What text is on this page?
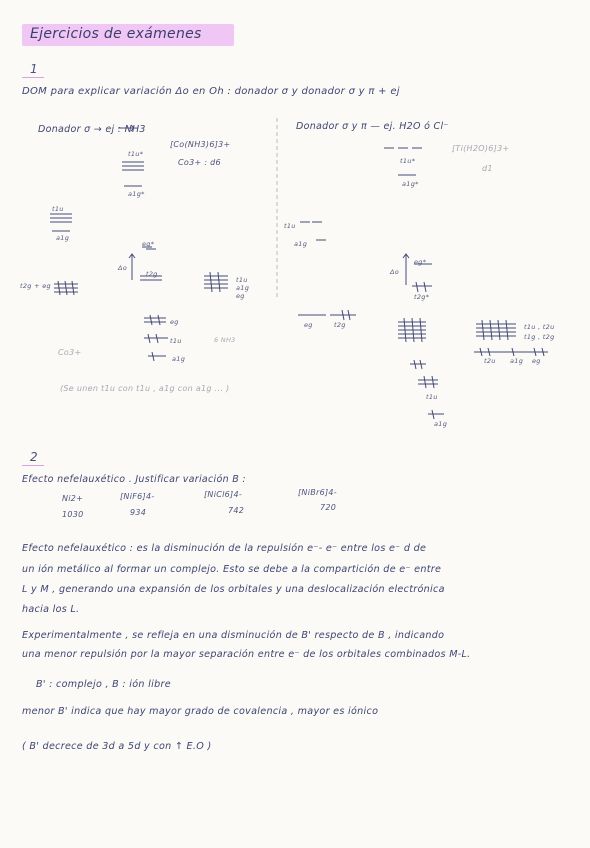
Ejercicios de exámenes
1
DOM para explicar variación Δo en Oh : donador σ y donador σ y π + ej
Donador σ → ej : NH3
[Co(NH3)6]3+
Co3+ : d6
t1u*
a1g*
t1u
a1g
eg*
Δo
t2g
t2g + eg
t1u
a1g
eg
eg
t1u
a1g
6 NH3
Co3+
(Se unen t1u con t1u , a1g con a1g ... )
Donador σ y π — ej. H2O ó Cl⁻
[Ti(H2O)6]3+
d1
t1u*
a1g*
t1u
a1g
eg*
Δo
t2g*
eg	t2g	t1u , t2u
t1g , t2g
t2u a1g eg
t1u
a1g
2
Efecto nefelauxético . Justificar variación B :
Ni2+
1030
[NiF6]4-
934
[NiCl6]4-
742
[NiBr6]4-
720
Efecto nefelauxético : es la disminución de la repulsión e⁻- e⁻ entre los e⁻ d de
un ión metálico al formar un complejo. Esto se debe a la compartición de e⁻ entre
L y M , generando una expansión de los orbitales y una deslocalización electrónica
hacia los L.
Experimentalmente , se refleja en una disminución de B' respecto de B , indicando
una menor repulsión por la mayor separación entre e⁻ de los orbitales combinados M-L.
B' : complejo , B : ión libre
menor B' indica que hay mayor grado de covalencia , mayor es iónico
( B' decrece de 3d a 5d y con ↑ E.O )
